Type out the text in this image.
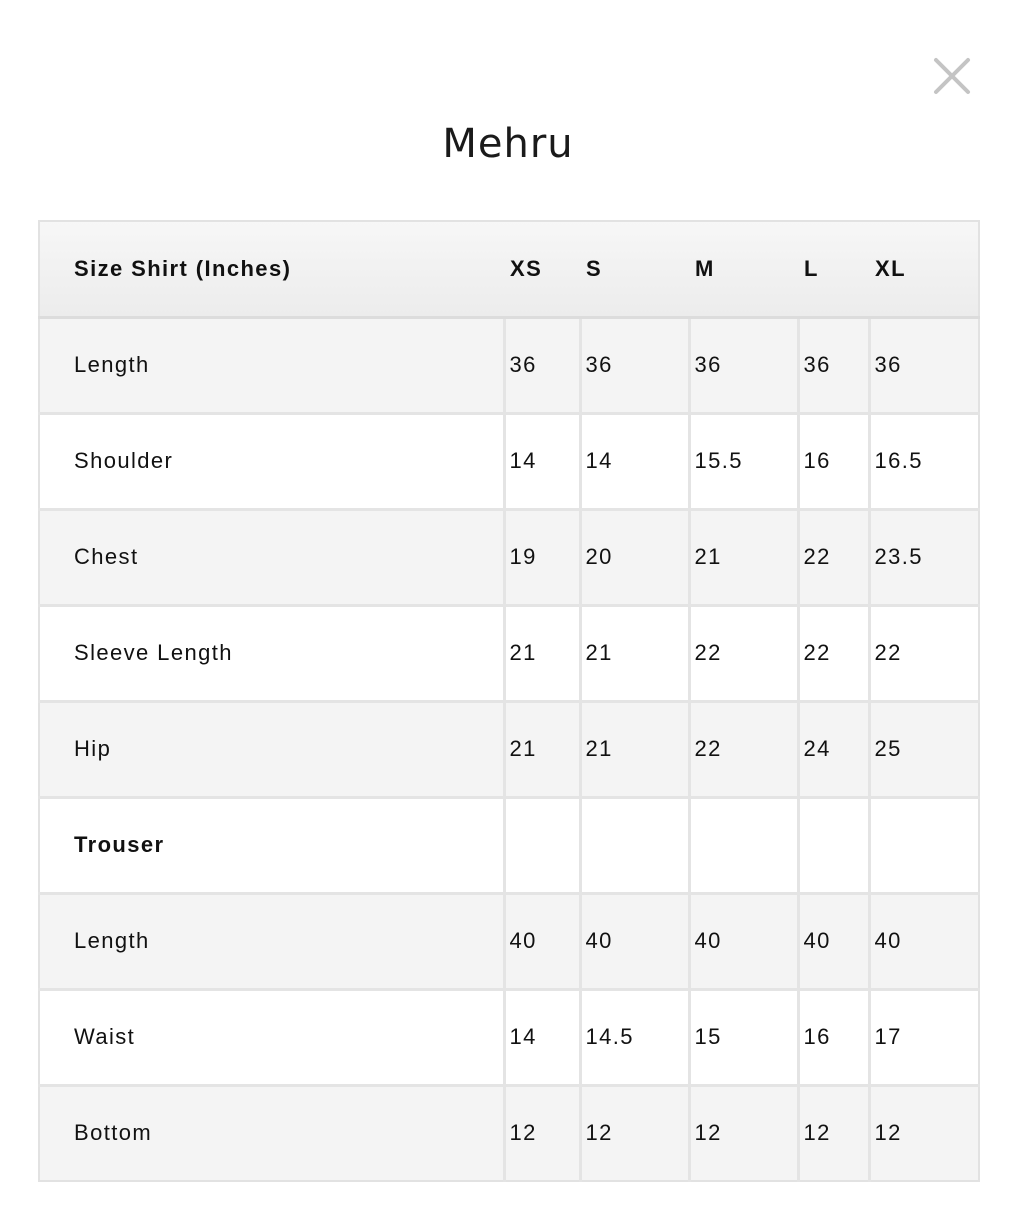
Mehru
Size Shirt (Inches)	XS	S	M	L	XL
Length	36	36	36	36	36
Shoulder	14	14	15.5	16	16.5
Chest	19	20	21	22	23.5
Sleeve Length	21	21	22	22	22
Hip	21	21	22	24	25
Trouser					
Length	40	40	40	40	40
Waist	14	14.5	15	16	17
Bottom	12	12	12	12	12
